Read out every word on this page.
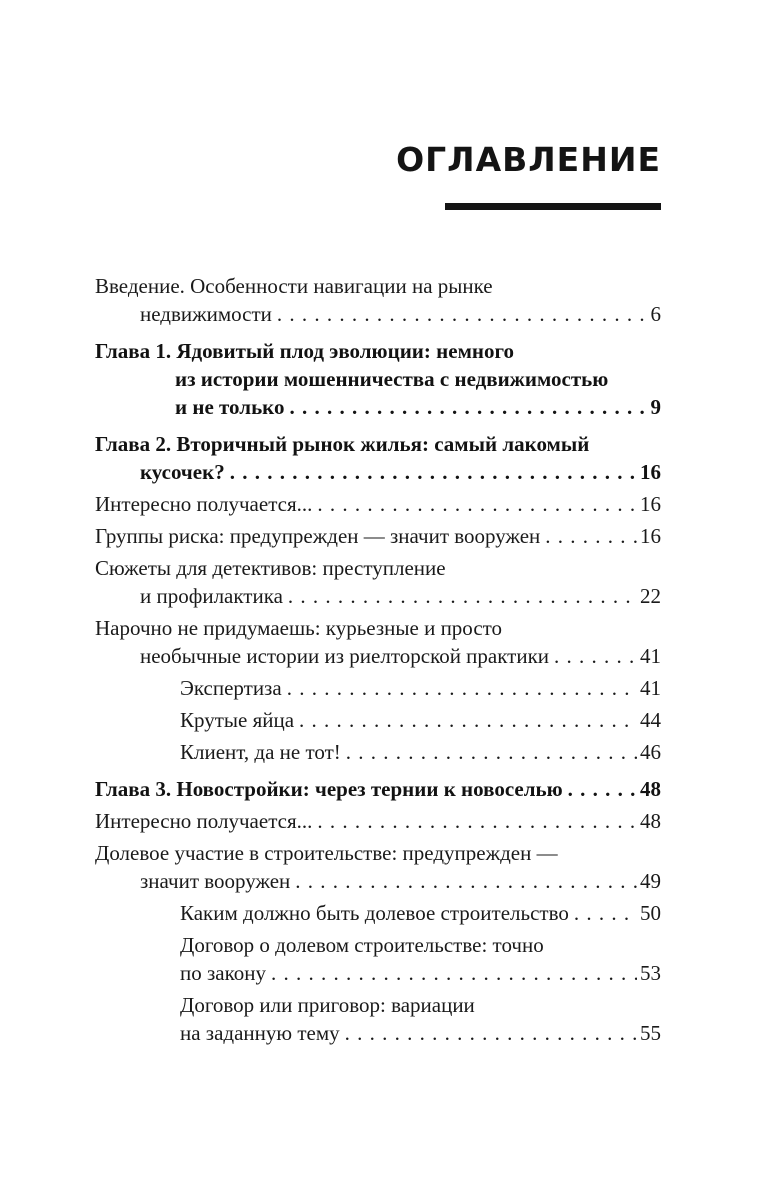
ОГЛАВЛЕНИЕ
Введение. Особенности навигации на рынке
недвижимости . . .	6
Глава 1. Ядовитый плод эволюции: немного
из истории мошенничества с недвижимостью
и не только . . .	9
Глава 2. Вторичный рынок жилья: самый лакомый
кусочек? . . .	16
Интересно получается... . . .	16
Группы риска: предупрежден — значит вооружен . . .	16
Сюжеты для детективов: преступление
и профилактика . . .	22
Нарочно не придумаешь: курьезные и просто
необычные истории из риелторской практики . . .	41
Экспертиза . . .	41
Крутые яйца . . .	44
Клиент, да не тот! . . .	46
Глава 3. Новостройки: через тернии к новоселью . . .	48
Интересно получается... . . .	48
Долевое участие в строительстве: предупрежден —
значит вооружен . . .	49
Каким должно быть долевое строительство . . .	50
Договор о долевом строительстве: точно
по закону . . .	53
Договор или приговор: вариации
на заданную тему . . .	55
